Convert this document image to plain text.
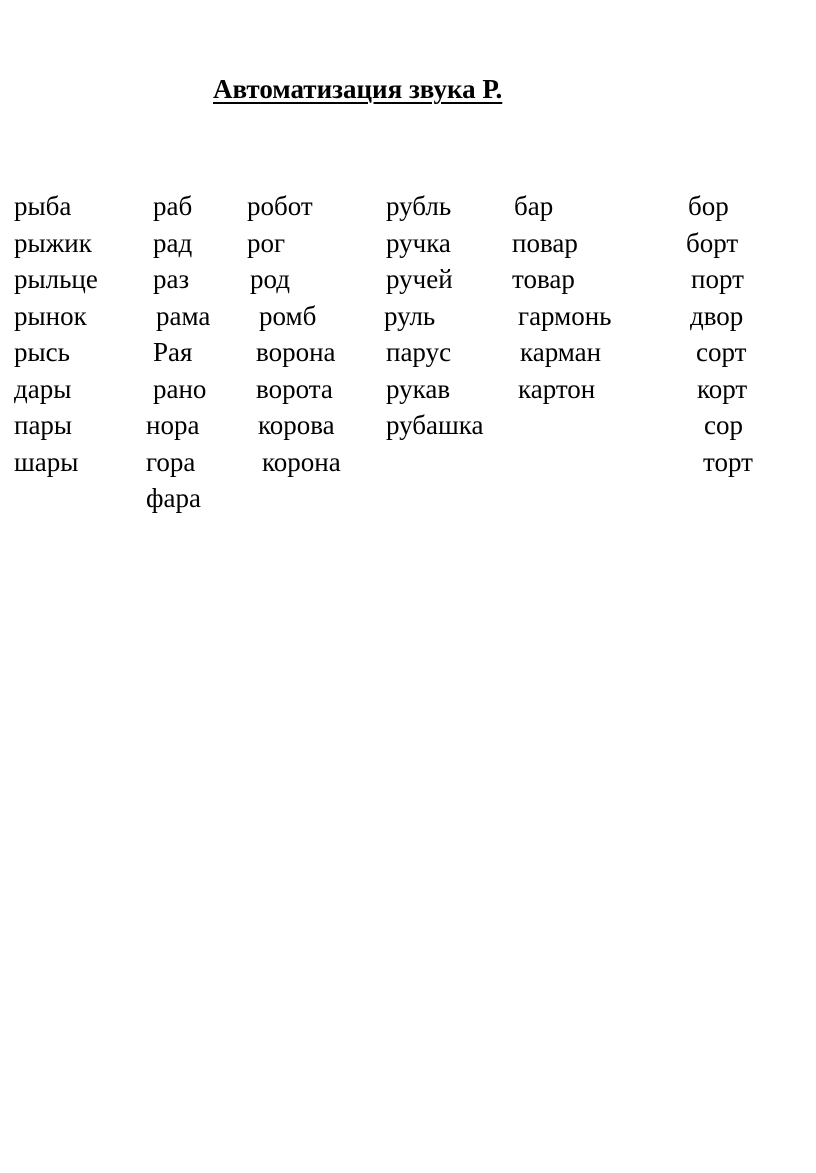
Автоматизация звука Р.
рыба
рыжик
рыльце
рынок
рысь
дары
пары
шары
раб
рад
раз
рама
Рая
рано
нора
гора
фара
робот
рог
род
ромб
ворона
ворота
корова
корона
рубль
ручка
ручей
руль
парус
рукав
рубашка
бар
повар
товар
гармонь
карман
картон
бор
борт
порт
двор
сорт
корт
сор
торт
